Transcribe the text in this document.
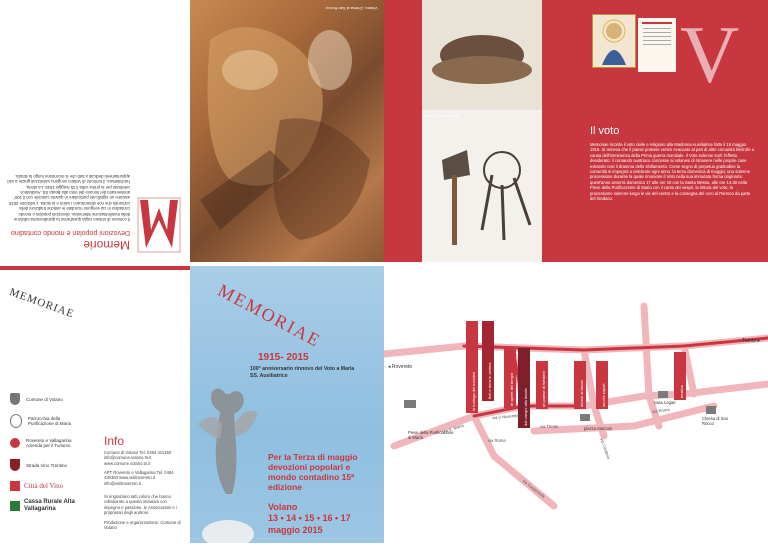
Memorie
Devozioni popolari e mondo contadino
Il comune di Volano cogia quest'anno la quindicesima edizione della manifestazione Memoriae, devozioni popolari e mondo contadino in cui vengono ricordate le antiche tradizioni della comunità che non dimenticano i valori e la storia. L'edizione 2015 assume un significato particolare in quanto coincide con il 100° anniversario del rinnovo del Voto alla Beata SS. Ausiliatrice, celebrato per la prima volta il 15 maggio 1915. La storia, l'architettura, il territorio di Volano vengono valorizzati grazie a vari appuntamenti dedicati a tutti che si incontrano lungo la strada.
Volano, Chiesa di San Rocco
Ass. di Tullio Zanon
V
Il voto
Memoriae ricorda il voto civile e religioso alla Madonna Ausiliatrice fatto il 15 maggio 1915. Si temeva che il paese potesse venire evacuato al pari di altre comunità limitrofe a causa dell'imminenza della Prima guerra mondiale. Il Voto solenne sortì l'effetto desiderato: il comando austriaco concesse ai volanesi di rimanere nelle proprie case evitando così il dramma dello sfollamento. Come segno di perpetua gratitudine la comunità si impegnò a celebrare ogni anno, la terza domenica di maggio, una solenne processione durante la quale rinnovare il Voto nella sua immutata forma originaria: quest'anno avverrà domenica 17 alle ore 10 con la Santa Messa, alle ore 14.30 nella Pieve della Purificazione di Maria con il canto dei vespri, la lettura del voto, la processione solenne lungo le vie del centro e la consegna del cero al Parroco da parte del Sindaco.
MEMORIAE
Comune di Volano
Parrocchia della Purificazione di Maria
Rovereto e Vallagarina Azienda per il Turismo
Strada Vino Trentino
Città del Vino
Cassa Rurale Alta Vallagarina
Info
Comune di Volano Tel. 0464 411250 info@comune.volano.tn.it www.comune.volano.tn.it
APT Rovereto e Vallagarina Tel. 0464 430363 www.visitrovereto.it info@visitrovereto.it
Si ringraziano tutti coloro che hanno collaborato a questa iniziativa con impegno e passione, le Associazioni e i proprietari degli androni.
Produzione e organizzazione: Comune di Volano
MEMORIAE
1915- 2015
100° anniversario rinnovo del Voto a Maria SS. Ausiliatrice
Per la Terza di maggio devozioni popolari e mondo contadino 15ª edizione
Volano
13 • 14 • 15 • 16 • 17
maggio 2015
Trento ▸
◂ Rovereto
via S. Maria
via 3 Novembre
via Roma
via Trento
via Roma	via Cimitero
via Carpeneda
Pieve della Purificazione di Maria
piazza Marconi
casa Legati
Chiesa di San Rocco
la bottega dei mestieri	fiori e terra in vetrina	le opere del tempo	dal campo alla tavola	un paese di mestieri	donne al lavoro	vecchi sapori	musica
